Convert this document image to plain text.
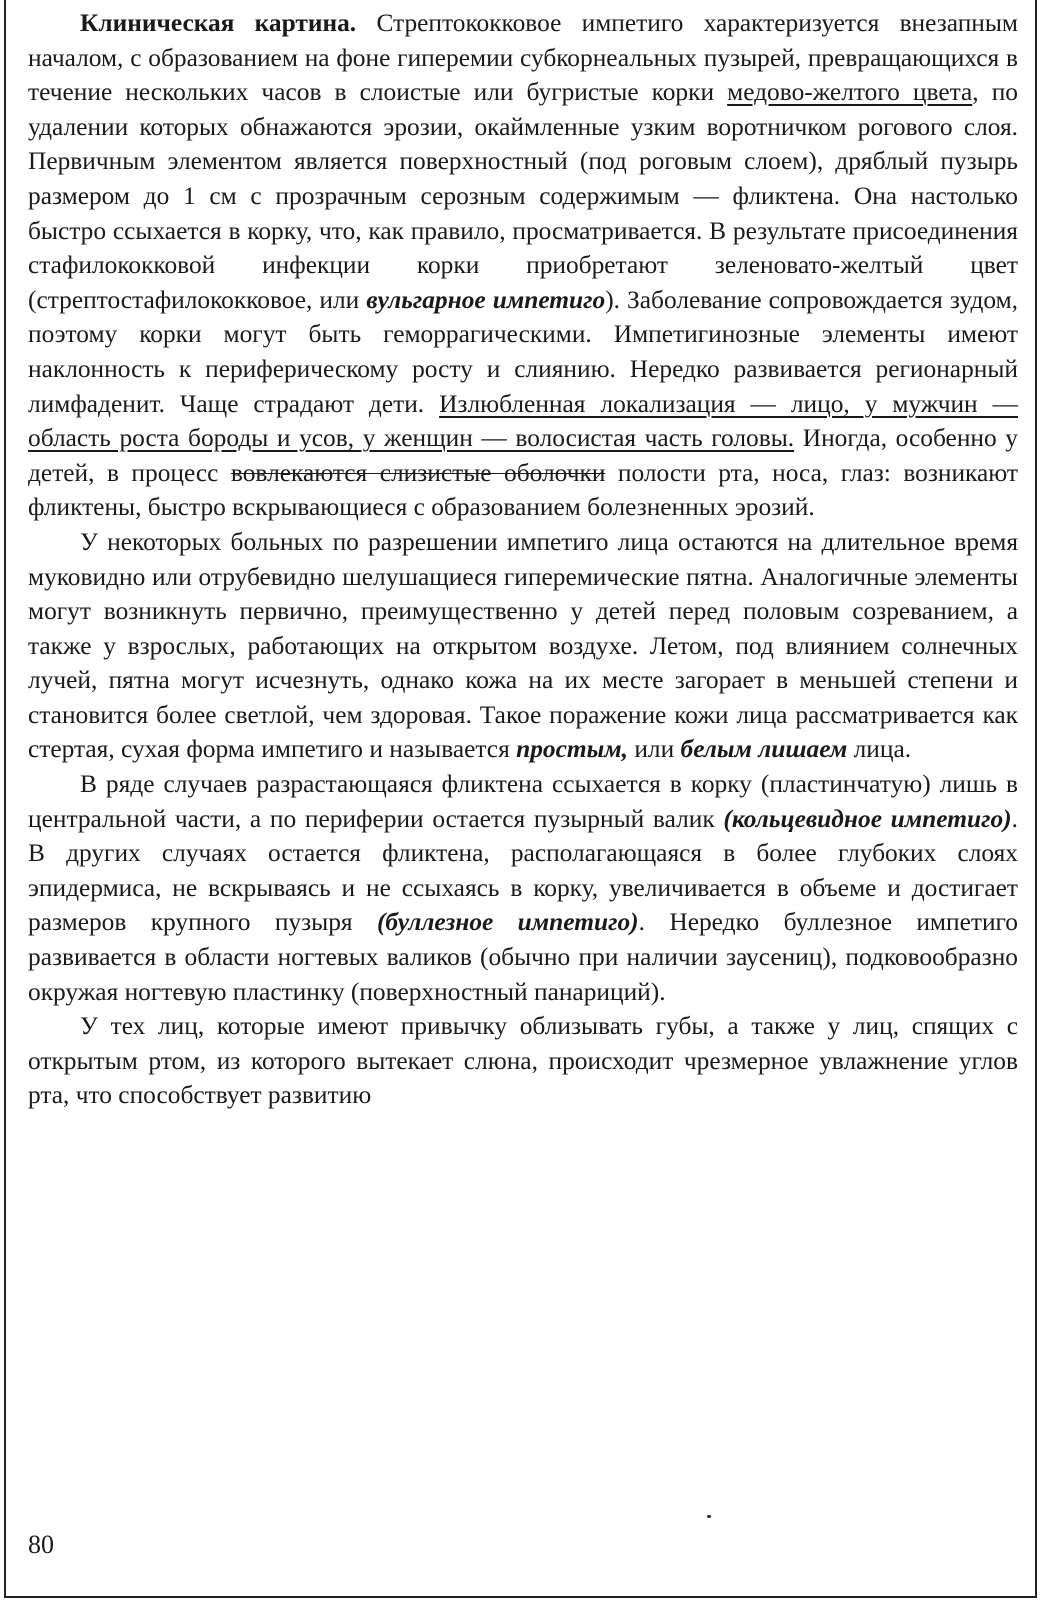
Клиническая картина. Стрептококковое импетиго характеризуется внезапным началом, с образованием на фоне гиперемии субкорнеальных пузырей, превращающихся в течение нескольких часов в слоистые или бугристые корки медово-желтого цвета, по удалении которых обнажаются эрозии, окаймленные узким воротничком рогового слоя. Первичным элементом является поверхностный (под роговым слоем), дряблый пузырь размером до 1 см с прозрачным серозным содержимым — фликтена. Она настолько быстро ссыхается в корку, что, как правило, просматривается. В результате присоединения стафилококковой инфекции корки приобретают зеленовато-желтый цвет (стрептостафилококковое, или вульгарное импетиго). Заболевание сопровождается зудом, поэтому корки могут быть геморрагическими. Импетигинозные элементы имеют наклонность к периферическому росту и слиянию. Нередко развивается регионарный лимфаденит. Чаще страдают дети. Излюбленная локализация — лицо, у мужчин — область роста бороды и усов, у женщин — волосистая часть головы. Иногда, особенно у детей, в процесс вовлекаются слизистые оболочки полости рта, носа, глаз: возникают фликтены, быстро вскрывающиеся с образованием болезненных эрозий.

У некоторых больных по разрешении импетиго лица остаются на длительное время муковидно или отрубевидно шелушащиеся гиперемические пятна. Аналогичные элементы могут возникнуть первично, преимущественно у детей перед половым созреванием, а также у взрослых, работающих на открытом воздухе. Летом, под влиянием солнечных лучей, пятна могут исчезнуть, однако кожа на их месте загорает в меньшей степени и становится более светлой, чем здоровая. Такое поражение кожи лица рассматривается как стертая, сухая форма импетиго и называется простым, или белым лишаем лица.

В ряде случаев разрастающаяся фликтена ссыхается в корку (пластинчатую) лишь в центральной части, а по периферии остается пузырный валик (кольцевидное импетиго). В других случаях остается фликтена, располагающаяся в более глубоких слоях эпидермиса, не вскрываясь и не ссыхаясь в корку, увеличивается в объеме и достигает размеров крупного пузыря (буллезное импетиго). Нередко буллезное импетиго развивается в области ногтевых валиков (обычно при наличии заусениц), подковообразно окружая ногтевую пластинку (поверхностный панариций).

У тех лиц, которые имеют привычку облизывать губы, а также у лиц, спящих с открытым ртом, из которого вытекает слюна, происходит чрезмерное увлажнение углов рта, что способствует развитию

80
